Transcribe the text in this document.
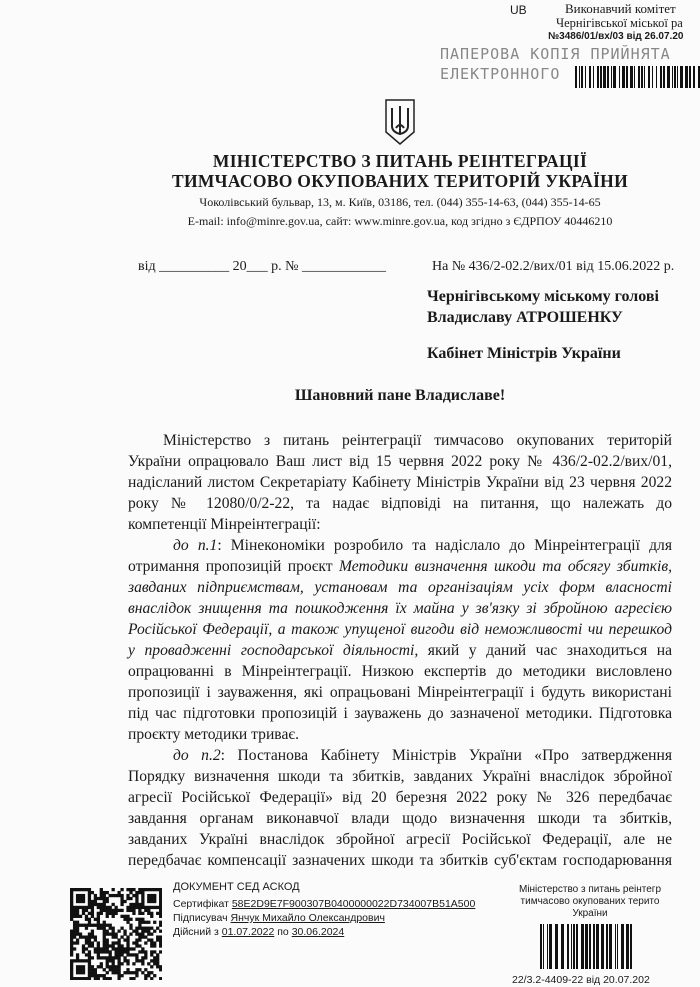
UB	Виконавчий комітет
Чернігівської міської ра
№3486/01/вх/03 від 26.07.20
ПАПЕРОВА КОПІЯ ПРИЙНЯТА
ЕЛЕКТРОННОГО
МІНІСТЕРСТВО З ПИТАНЬ РЕІНТЕГРАЦІЇ
ТИМЧАСОВО ОКУПОВАНИХ ТЕРИТОРІЙ УКРАЇНИ
Чоколівський бульвар, 13, м. Київ, 03186, тел. (044) 355-14-63, (044) 355-14-65
E-mail: info@minre.gov.ua, сайт: www.minre.gov.ua, код згідно з ЄДРПОУ 40446210
від __________ 20___ р. № ____________	На № 436/2-02.2/вих/01 від 15.06.2022 р.
Чернігівському міському голові
Владиславу АТРОШЕНКУ
Кабінет Міністрів України
Шановний пане Владиславе!
Міністерство з питань реінтеграції тимчасово окупованих територій
України опрацювало Ваш лист від 15 червня 2022 року № 436/2-02.2/вих/01,
надісланий листом Секретаріату Кабінету Міністрів України від 23 червня 2022
року № 12080/0/2-22, та надає відповіді на питання, що належать до
компетенції Мінреінтеграції:
до п.1: Мінекономіки розробило та надіслало до Мінреінтеграції для
отримання пропозицій проєкт Методики визначення шкоди та обсягу збитків,
завданих підприємствам, установам та організаціям усіх форм власності
внаслідок знищення та пошкодження їх майна у зв'язку зі збройною агресією
Російської Федерації, а також упущеної вигоди від неможливості чи перешкод
у провадженні господарської діяльності, який у даний час знаходиться на
опрацюванні в Мінреінтеграції. Низкою експертів до методики висловлено
пропозиції і зауваження, які опрацьовані Мінреінтеграції і будуть використані
під час підготовки пропозицій і зауважень до зазначеної методики. Підготовка
проєкту методики триває.
до п.2: Постанова Кабінету Міністрів України «Про затвердження
Порядку визначення шкоди та збитків, завданих Україні внаслідок збройної
агресії Російської Федерації» від 20 березня 2022 року № 326 передбачає
завдання органам виконавчої влади щодо визначення шкоди та збитків,
завданих Україні внаслідок збройної агресії Російської Федерації, але не
передбачає компенсації зазначених шкоди та збитків суб'єктам господарювання
ДОКУМЕНТ СЕД АСКОД
Сертифікат 58E2D9E7F900307B0400000022D734007B51A500
Підписувач Янчук Михайло Олександрович
Дійсний з 01.07.2022 по 30.06.2024
Міністерство з питань реінтегр
тимчасово окупованих терито
України
22/3.2-4409-22 від 20.07.202
